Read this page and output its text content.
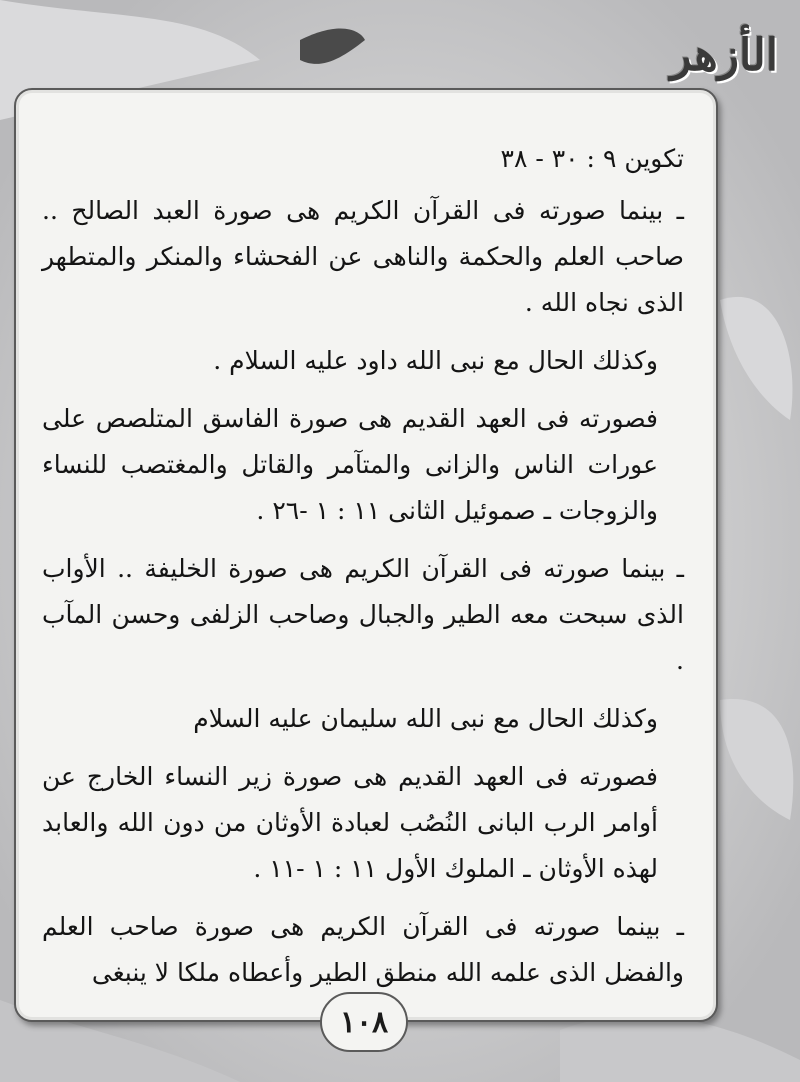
الأزهر

تكوين ٩ : ٣٠ - ٣٨

ـ بينما صورته فى القرآن الكريم هى صورة العبد الصالح .. صاحب العلم والحكمة والناهى عن الفحشاء والمنكر والمتطهر الذى نجاه الله .

وكذلك الحال مع نبى الله داود عليه السلام .

فصورته فى العهد القديم هى صورة الفاسق المتلصص على عورات الناس والزانى والمتآمر والقاتل والمغتصب للنساء والزوجات ـ صموئيل الثانى ١١ : ١ -٢٦ .

ـ بينما صورته فى القرآن الكريم هى صورة الخليفة .. الأواب الذى سبحت معه الطير والجبال وصاحب الزلفى وحسن المآب .

وكذلك الحال مع نبى الله سليمان عليه السلام

فصورته فى العهد القديم هى صورة زير النساء الخارج عن أوامر الرب البانى النُصُب لعبادة الأوثان من دون الله والعابد لهذه الأوثان ـ الملوك الأول ١١ : ١ -١١ .

ـ بينما صورته فى القرآن الكريم هى صورة صاحب العلم والفضل الذى علمه الله منطق الطير وأعطاه ملكا لا ينبغى

١٠٨
